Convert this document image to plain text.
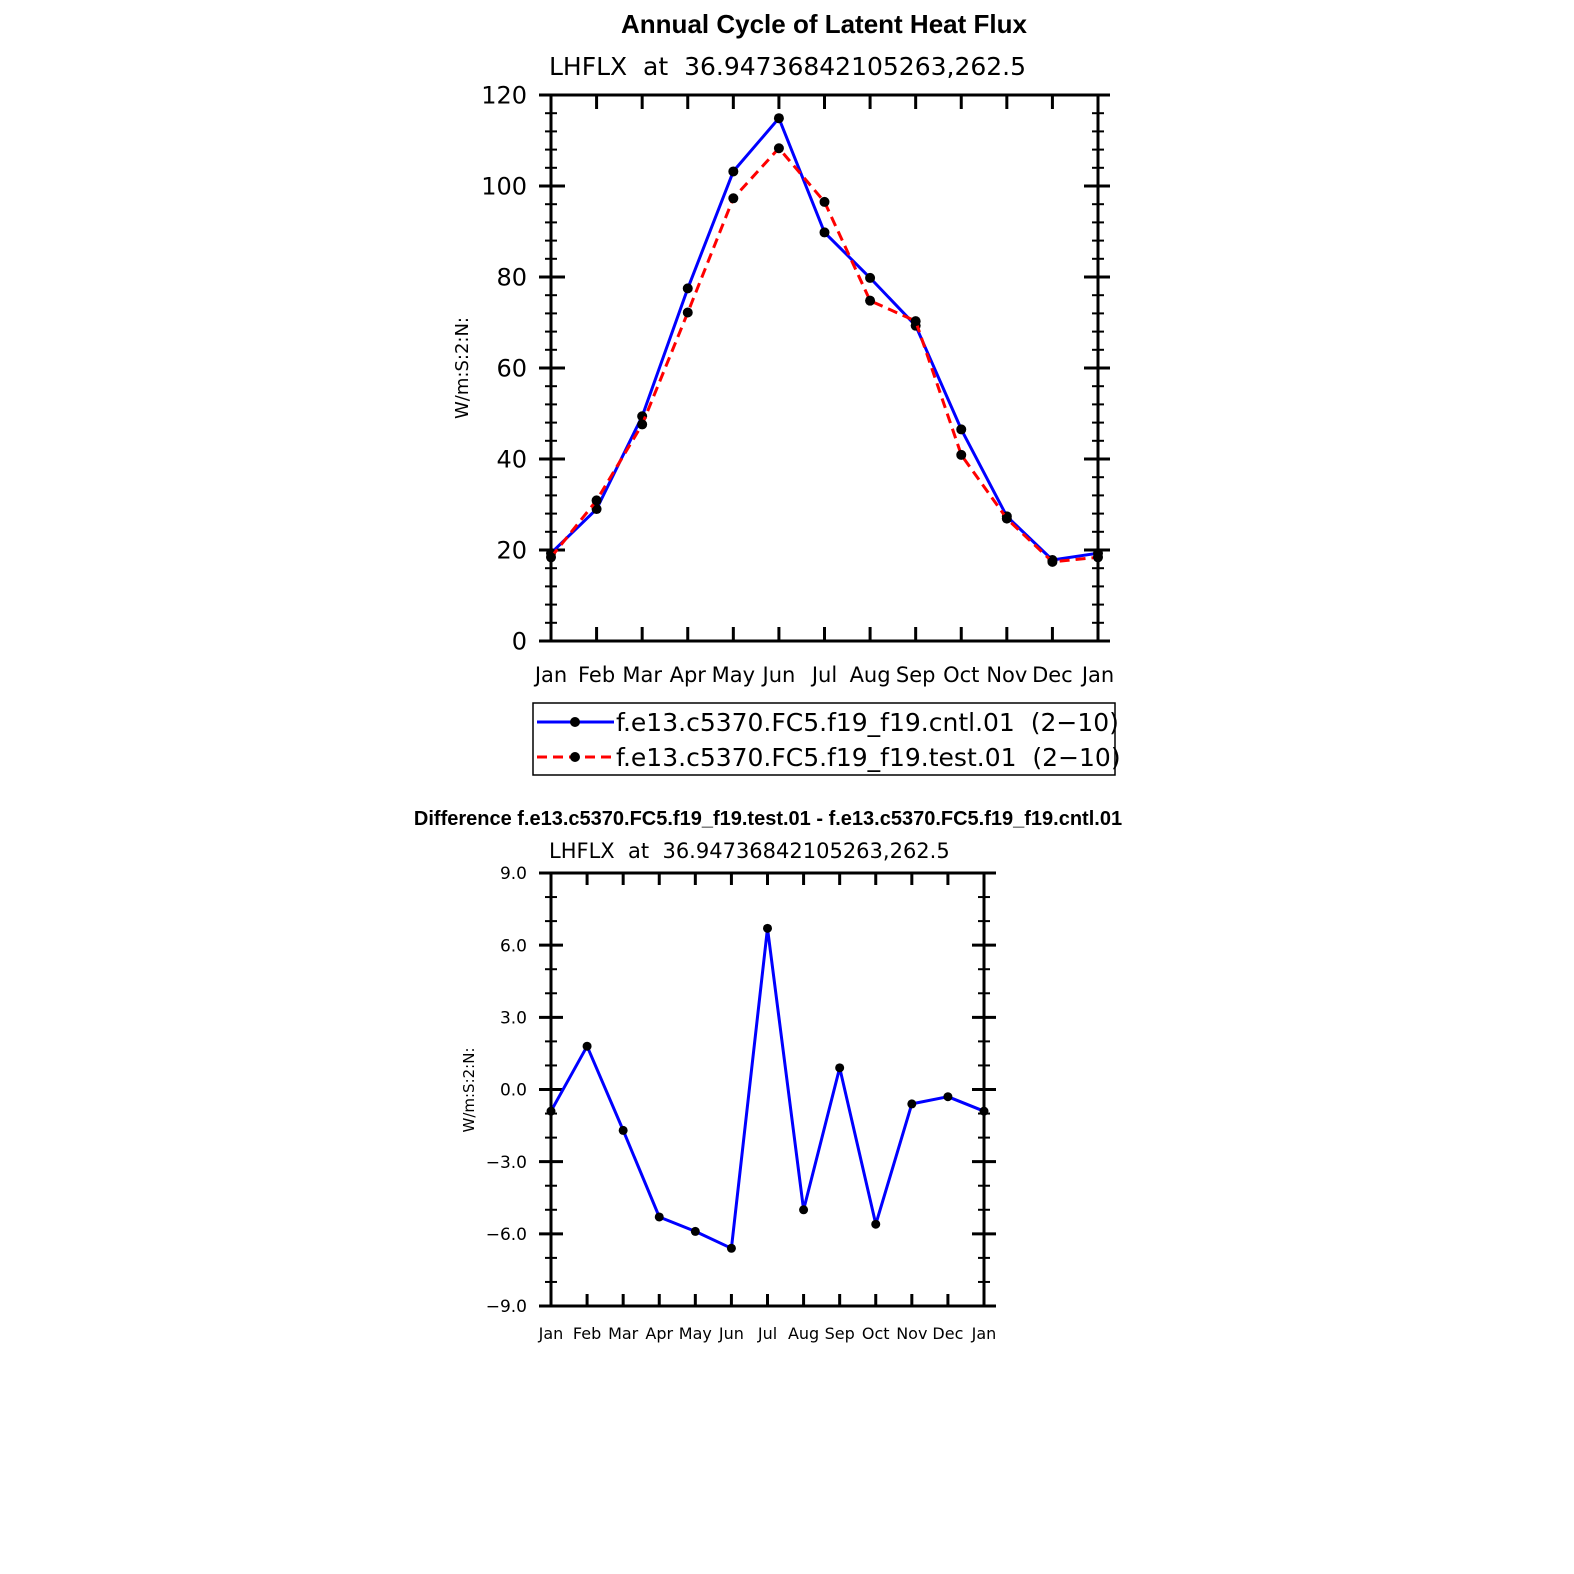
Annual Cycle of Latent Heat Flux
LHFLX  at  36.94736842105263,262.5
W/m:S:2:N:
Jan Feb Mar Apr May Jun Jul Aug Sep Oct Nov Dec Jan
0
20
40
60
80
100
120
f.e13.c5370.FC5.f19_f19.cntl.01  (2−10)
f.e13.c5370.FC5.f19_f19.test.01  (2−10)
Difference f.e13.c5370.FC5.f19_f19.test.01 - f.e13.c5370.FC5.f19_f19.cntl.01
LHFLX  at  36.94736842105263,262.5
W/m:S:2:N:
Jan Feb Mar Apr May Jun Jul Aug Sep Oct Nov Dec Jan
−9.0
−6.0
−3.0
0.0
3.0
6.0
9.0
